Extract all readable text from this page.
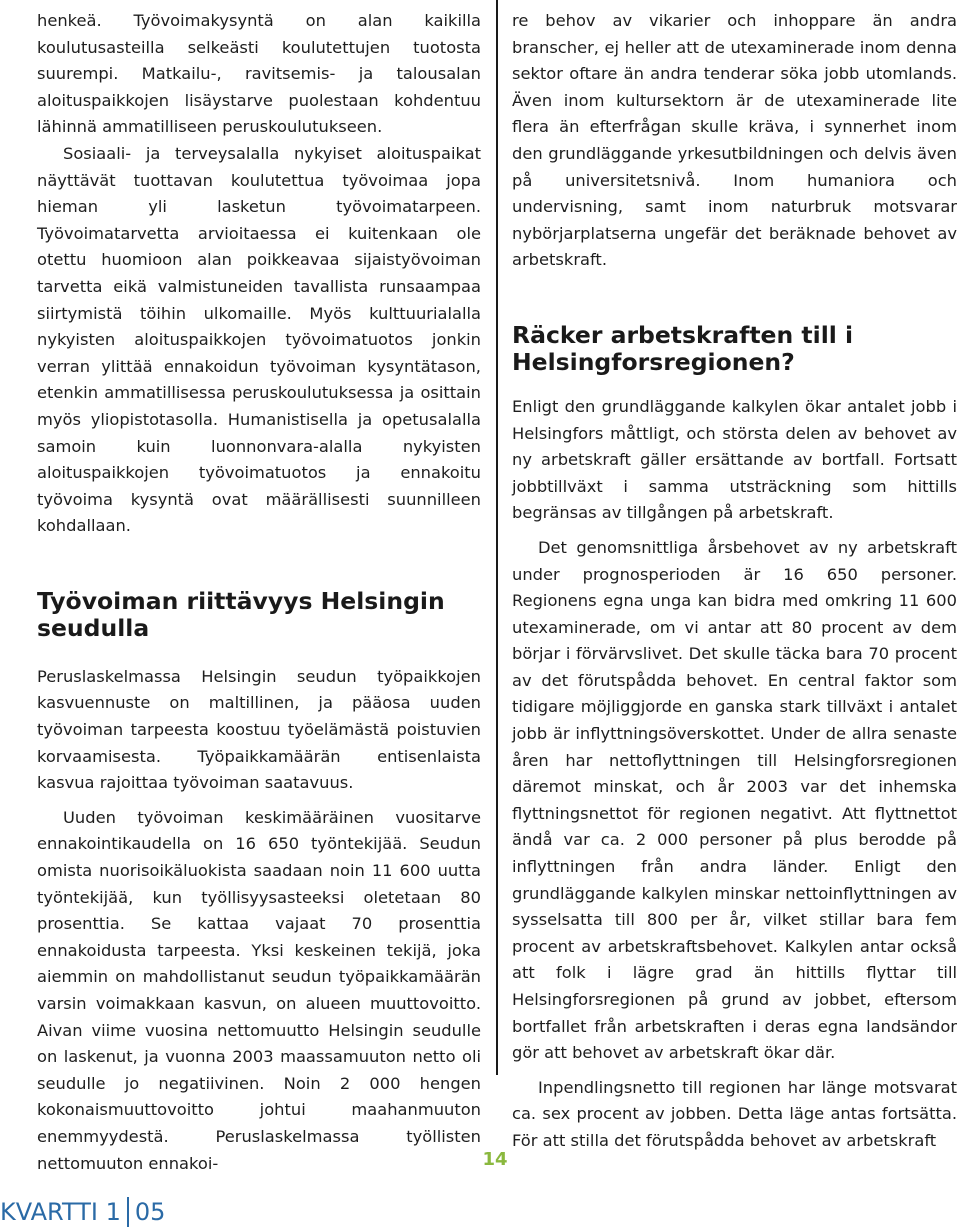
henkeä. Työvoimakysyntä on alan kaikilla koulutusasteilla selkeästi koulutettujen tuotosta suurempi. Matkailu-, ravitsemis- ja talousalan aloituspaikkojen lisäystarve puolestaan kohdentuu lähinnä ammatilliseen peruskoulutukseen.

Sosiaali- ja terveysalalla nykyiset aloituspaikat näyttävät tuottavan koulutettua työvoimaa jopa hieman yli lasketun työvoimatarpeen. Työvoimatarvetta arvioitaessa ei kuitenkaan ole otettu huomioon alan poikkeavaa sijaistyövoiman tarvetta eikä valmistuneiden tavallista runsaampaa siirtymistä töihin ulkomaille. Myös kulttuurialalla nykyisten aloituspaikkojen työvoimatuotos jonkin verran ylittää ennakoidun työvoiman kysyntätason, etenkin ammatillisessa peruskoulutuksessa ja osittain myös yliopistotasolla. Humanistisella ja opetusalalla samoin kuin luonnonvara-alalla nykyisten aloituspaikkojen työvoimatuotos ja ennakoitu työvoima kysyntä ovat määrällisesti suunnilleen kohdallaan.

Työvoiman riittävyys Helsingin seudulla

Peruslaskelmassa Helsingin seudun työpaikkojen kasvuennuste on maltillinen, ja pääosa uuden työvoiman tarpeesta koostuu työelämästä poistuvien korvaamisesta. Työpaikkamäärän entisenlaista kasvua rajoittaa työvoiman saatavuus.

Uuden työvoiman keskimääräinen vuositarve ennakointikaudella on 16 650 työntekijää. Seudun omista nuorisoikäluokista saadaan noin 11 600 uutta työntekijää, kun työllisyysasteeksi oletetaan 80 prosenttia. Se kattaa vajaat 70 prosenttia ennakoidusta tarpeesta. Yksi keskeinen tekijä, joka aiemmin on mahdollistanut seudun työpaikkamäärän varsin voimakkaan kasvun, on alueen muuttovoitto. Aivan viime vuosina nettomuutto Helsingin seudulle on laskenut, ja vuonna 2003 maassamuuton netto oli seudulle jo negatiivinen. Noin 2 000 hengen kokonaismuuttovoitto johtui maahanmuuton enemmyydestä. Peruslaskelmassa työllisten nettomuuton ennakoi-

re behov av vikarier och inhoppare än andra branscher, ej heller att de utexaminerade inom denna sektor oftare än andra tenderar söka jobb utomlands. Även inom kultursektorn är de utexaminerade lite flera än efterfrågan skulle kräva, i synnerhet inom den grundläggande yrkesutbildningen och delvis även på universitetsnivå. Inom humaniora och undervisning, samt inom naturbruk motsvarar nybörjarplatserna ungefär det beräknade behovet av arbetskraft.

Räcker arbetskraften till i Helsingforsregionen?

Enligt den grundläggande kalkylen ökar antalet jobb i Helsingfors måttligt, och största delen av behovet av ny arbetskraft gäller ersättande av bortfall. Fortsatt jobbtillväxt i samma utsträckning som hittills begränsas av tillgången på arbetskraft.

Det genomsnittliga årsbehovet av ny arbetskraft under prognosperioden är 16 650 personer. Regionens egna unga kan bidra med omkring 11 600 utexaminerade, om vi antar att 80 procent av dem börjar i förvärvslivet. Det skulle täcka bara 70 procent av det förutspådda behovet. En central faktor som tidigare möjliggjorde en ganska stark tillväxt i antalet jobb är inflyttningsöverskottet. Under de allra senaste åren har nettoflyttningen till Helsingforsregionen däremot minskat, och år 2003 var det inhemska flyttningsnettot för regionen negativt. Att flyttnettot ändå var ca. 2 000 personer på plus berodde på inflyttningen från andra länder. Enligt den grundläggande kalkylen minskar nettoinflyttningen av sysselsatta till 800 per år, vilket stillar bara fem procent av arbetskraftsbehovet. Kalkylen antar också att folk i lägre grad än hittills flyttar till Helsingforsregionen på grund av jobbet, eftersom bortfallet från arbetskraften i deras egna landsändor gör att behovet av arbetskraft ökar där.

Inpendlingsnetto till regionen har länge motsvarat ca. sex procent av jobben. Detta läge antas fortsätta. För att stilla det förutspådda behovet av arbetskraft

14
KVARTTI 1 05
